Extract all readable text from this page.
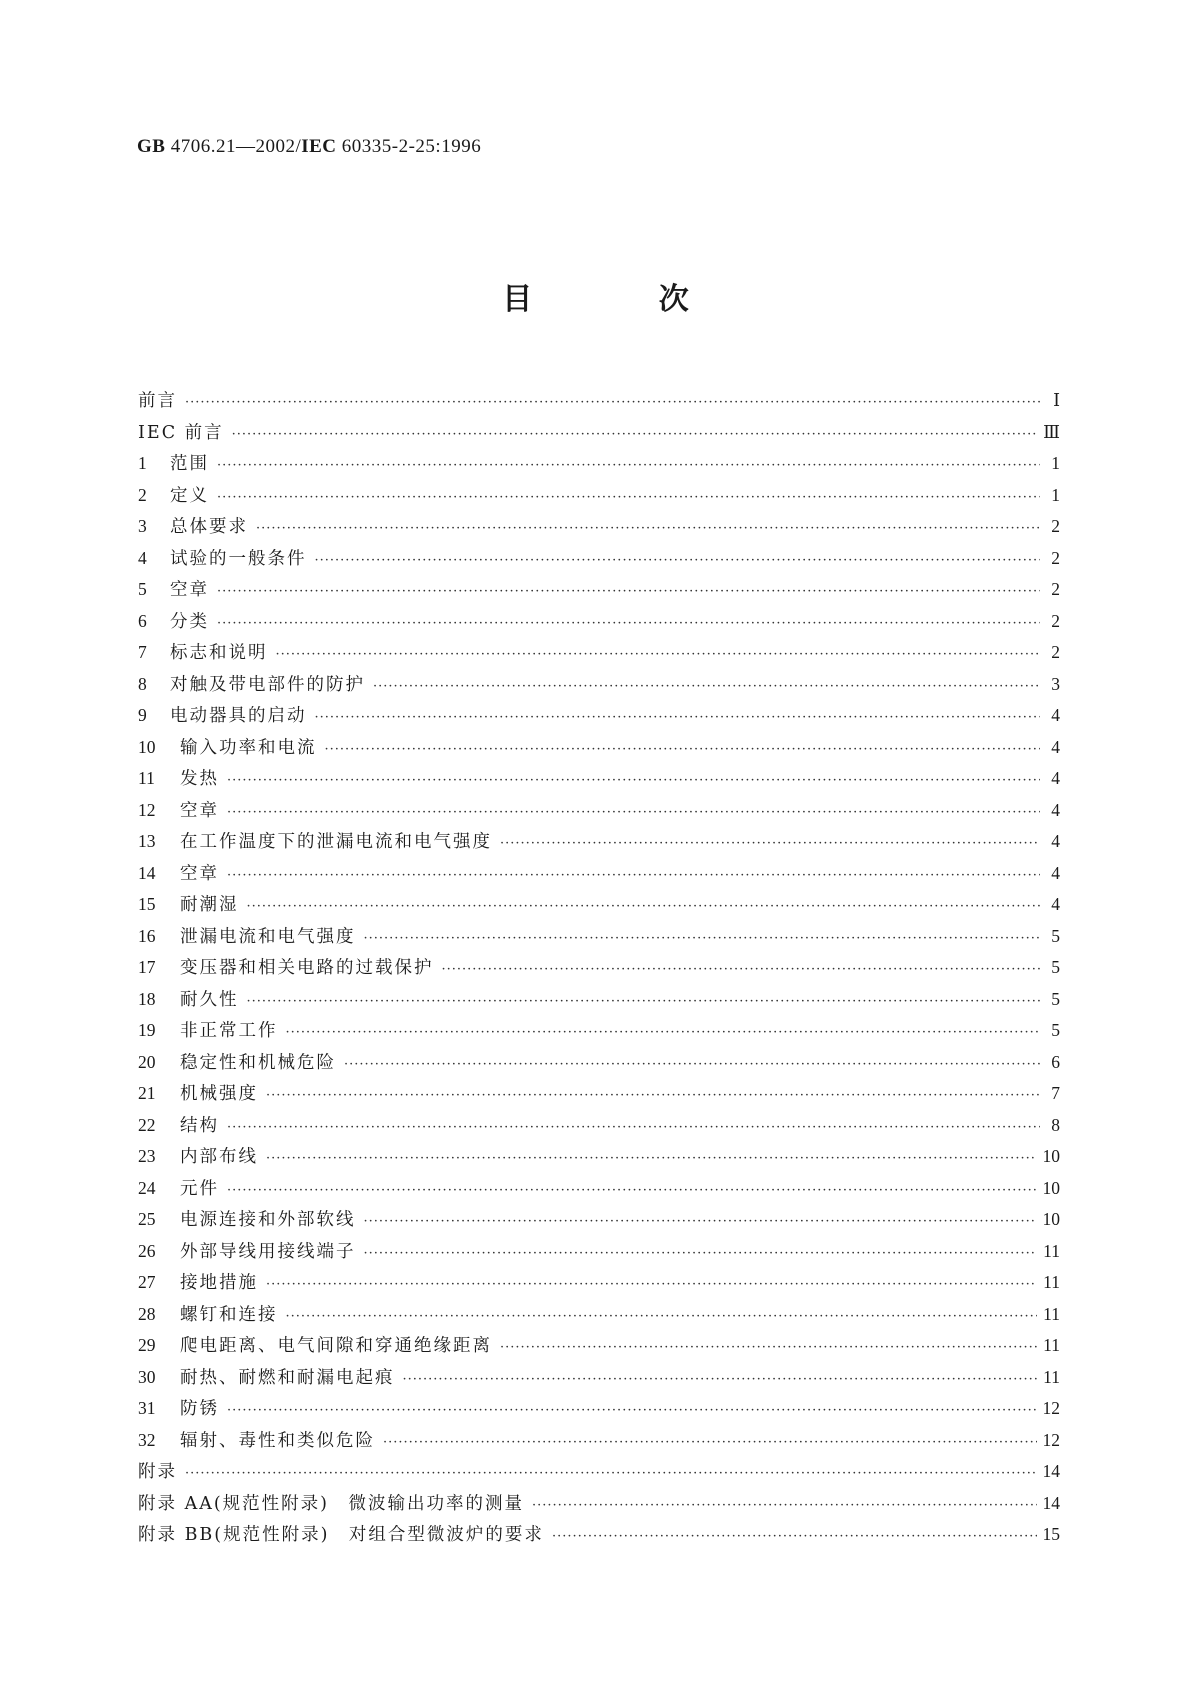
GB 4706.21—2002/IEC 60335-2-25:1996
目 次
前言 ·····	Ⅰ
IEC 前言 ·····	Ⅲ
1	范围 ·····	1
2	定义 ·····	1
3	总体要求 ·····	2
4	试验的一般条件 ·····	2
5	空章 ·····	2
6	分类 ·····	2
7	标志和说明 ·····	2
8	对触及带电部件的防护 ·····	3
9	电动器具的启动 ·····	4
10	输入功率和电流 ·····	4
11	发热 ·····	4
12	空章 ·····	4
13	在工作温度下的泄漏电流和电气强度 ·····	4
14	空章 ·····	4
15	耐潮湿 ·····	4
16	泄漏电流和电气强度 ·····	5
17	变压器和相关电路的过载保护 ·····	5
18	耐久性 ·····	5
19	非正常工作 ·····	5
20	稳定性和机械危险 ·····	6
21	机械强度 ·····	7
22	结构 ·····	8
23	内部布线 ·····	10
24	元件 ·····	10
25	电源连接和外部软线 ·····	10
26	外部导线用接线端子 ·····	11
27	接地措施 ·····	11
28	螺钉和连接 ·····	11
29	爬电距离、电气间隙和穿通绝缘距离 ·····	11
30	耐热、耐燃和耐漏电起痕 ·····	11
31	防锈 ·····	12
32	辐射、毒性和类似危险 ·····	12
附录 ·····	14
附录 AA(规范性附录)　微波输出功率的测量 ·····	14
附录 BB(规范性附录)　对组合型微波炉的要求 ·····	15
